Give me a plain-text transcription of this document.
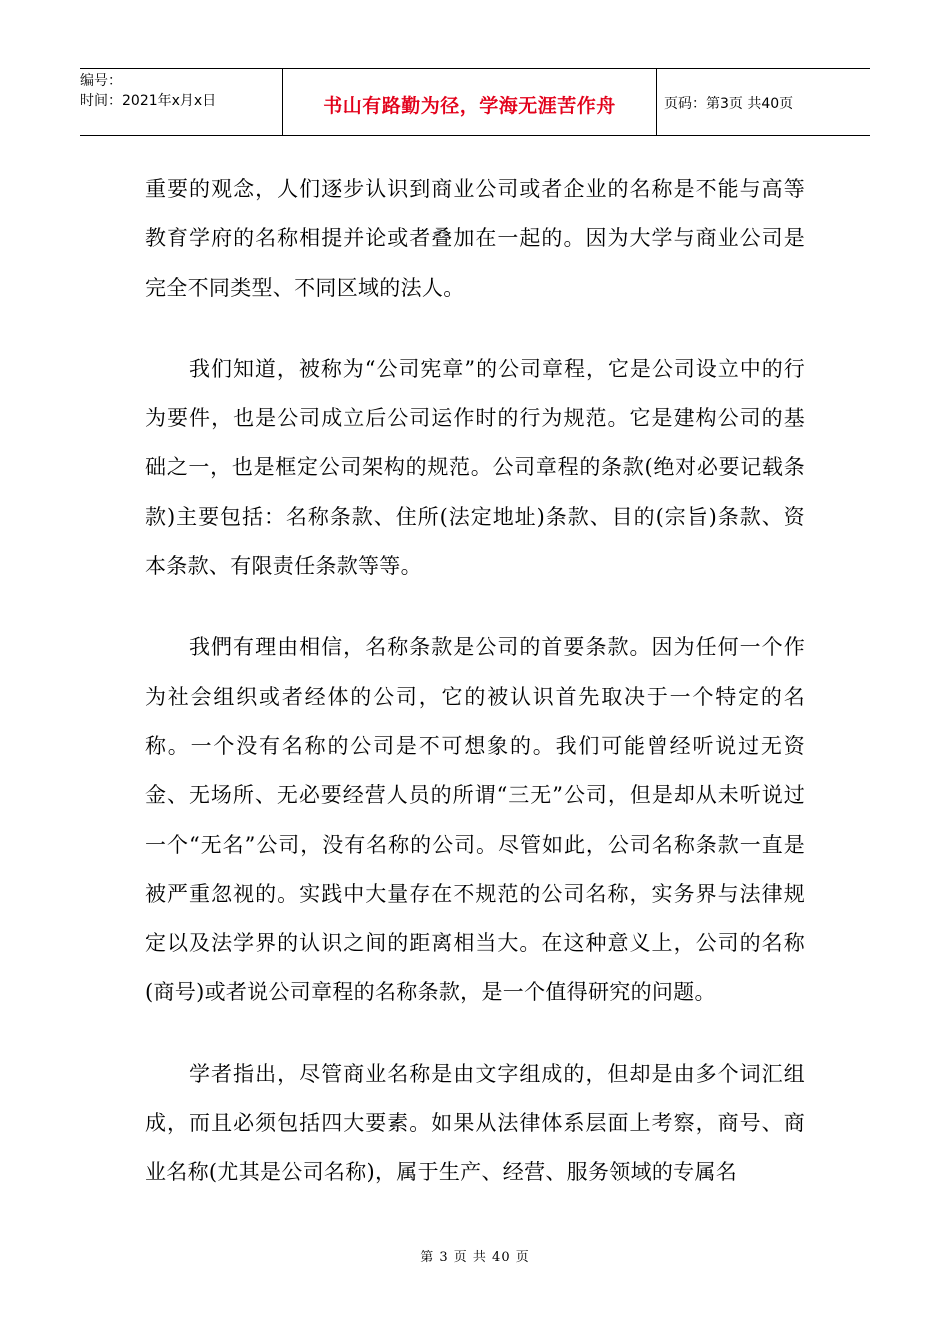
编号：
时间：2021年x月x日	书山有路勤为径，学海无涯苦作舟	页码：第3页 共40页

重要的观念，人们逐步认识到商业公司或者企业的名称是不能与高等教育学府的名称相提并论或者叠加在一起的。因为大学与商业公司是完全不同类型、不同区域的法人。

我们知道，被称为“公司宪章”的公司章程，它是公司设立中的行为要件，也是公司成立后公司运作时的行为规范。它是建构公司的基础之一，也是框定公司架构的规范。公司章程的条款(绝对必要记载条款)主要包括：名称条款、住所(法定地址)条款、目的(宗旨)条款、资本条款、有限责任条款等等。

我們有理由相信，名称条款是公司的首要条款。因为任何一个作为社会组织或者经体的公司，它的被认识首先取决于一个特定的名称。一个没有名称的公司是不可想象的。我们可能曾经听说过无资金、无场所、无必要经营人员的所谓“三无”公司，但是却从未听说过一个“无名”公司，没有名称的公司。尽管如此，公司名称条款一直是被严重忽视的。实践中大量存在不规范的公司名称，实务界与法律规定以及法学界的认识之间的距离相当大。在这种意义上，公司的名称(商号)或者说公司章程的名称条款，是一个值得研究的问题。

学者指出，尽管商业名称是由文字组成的，但却是由多个词汇组成，而且必须包括四大要素。如果从法律体系层面上考察，商号、商业名称(尤其是公司名称)，属于生产、经营、服务领域的专属名

第 3 页 共 40 页
